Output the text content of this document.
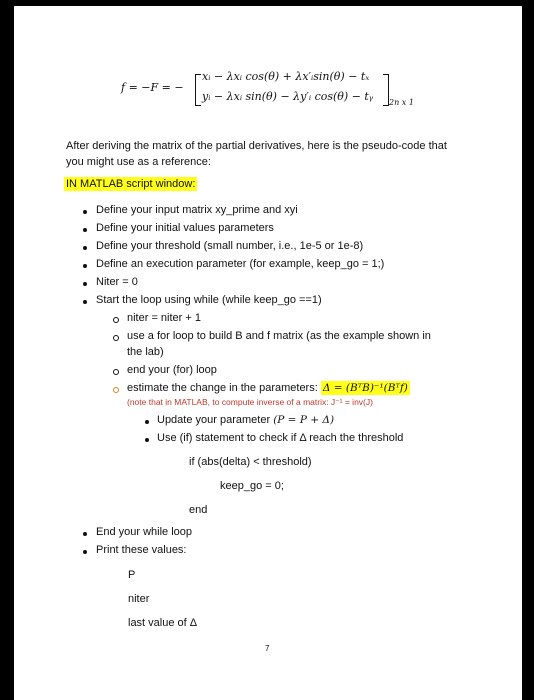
f = −F = −
xᵢ − λxᵢ cos(θ) + λx′ᵢsin(θ) − tₓ
yᵢ − λxᵢ sin(θ) − λy′ᵢ cos(θ) − tᵧ 2n x 1
After deriving the matrix of the partial derivatives, here is the pseudo-code that
you might use as a reference:
IN MATLAB script window:
Define your input matrix xy_prime and xyi
Define your initial values parameters
Define your threshold (small number, i.e., 1e-5 or 1e-8)
Define an execution parameter (for example, keep_go = 1;)
Niter = 0
Start the loop using while (while keep_go ==1)
niter = niter + 1
use a for loop to build B and f matrix (as the example shown in
the lab)
end your (for) loop
estimate the change in the parameters: Δ = (BᵀB)⁻¹(Bᵀf)
(note that in MATLAB, to compute inverse of a matrix: J⁻¹ = inv(J)
Update your parameter (P = P + Δ)
Use (if) statement to check if Δ reach the threshold
if (abs(delta) < threshold)
keep_go = 0;
end
End your while loop
Print these values:
P
niter
last value of Δ
7
